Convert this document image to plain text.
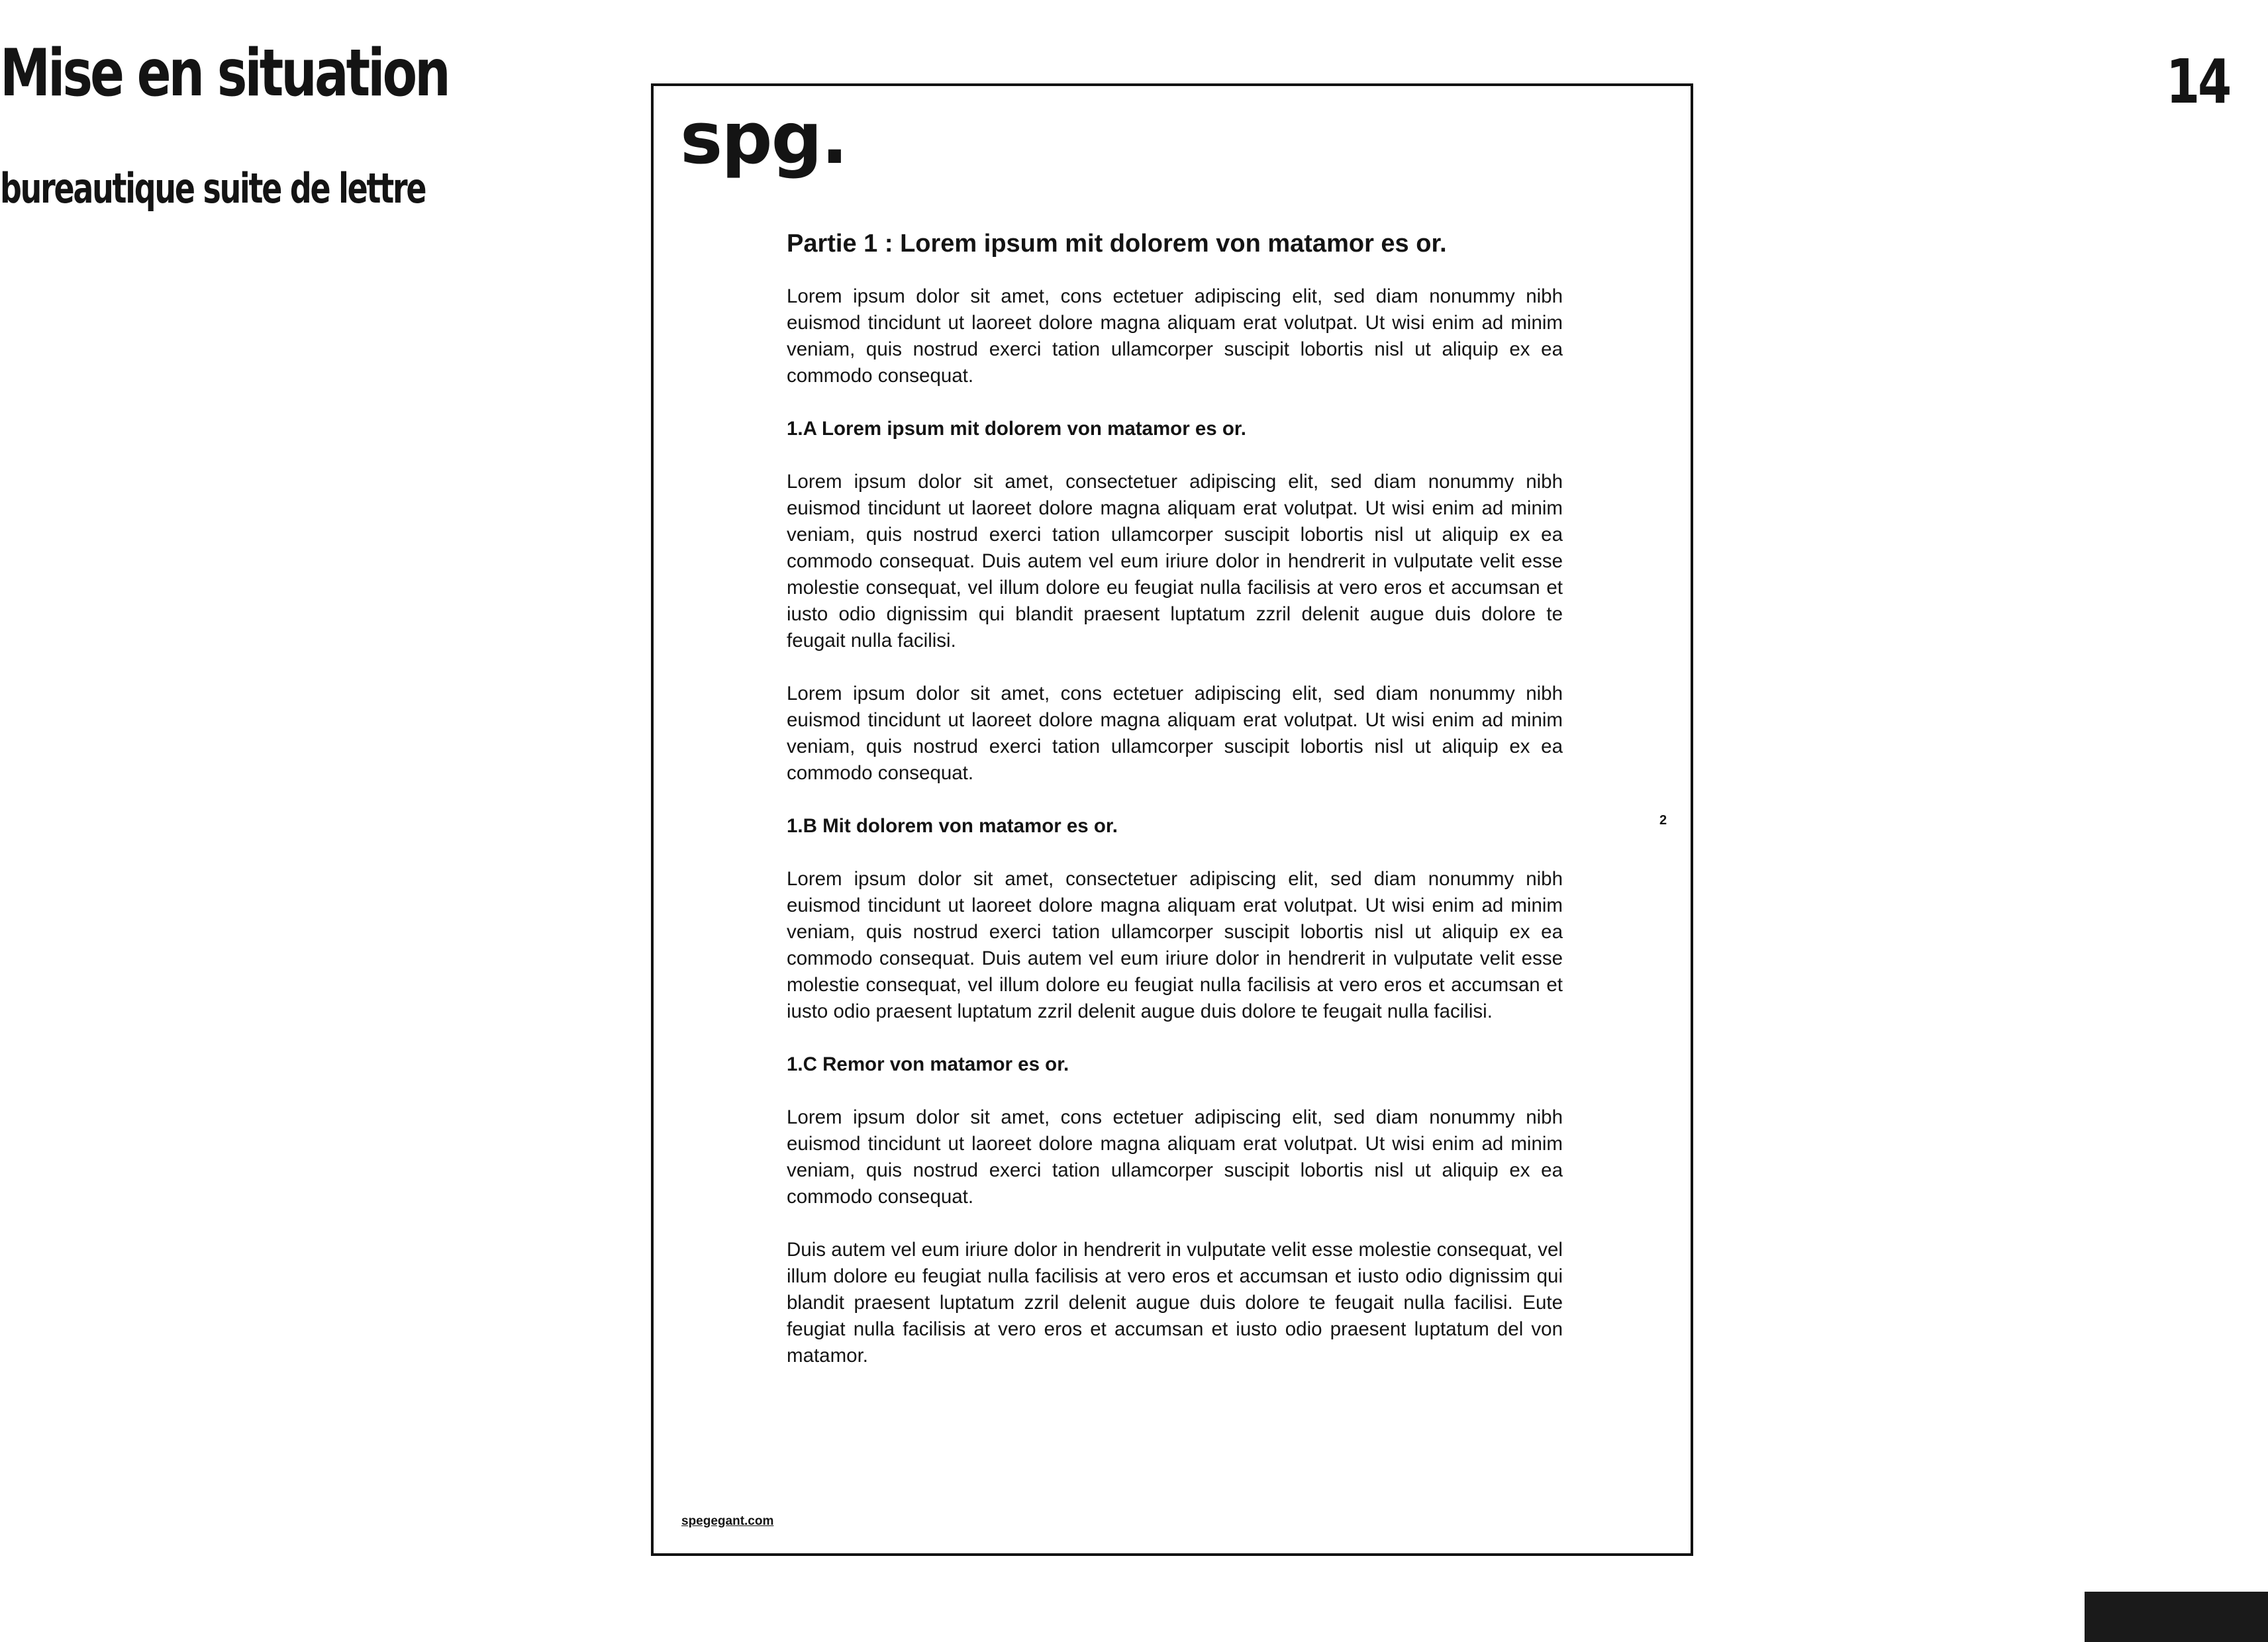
Mise en situation
bureautique suite de lettre
14
spg.
Partie 1 : Lorem ipsum mit dolorem von matamor es or.

Lorem ipsum dolor sit amet, cons ectetuer adipiscing elit, sed diam nonummy nibh euismod tincidunt ut laoreet dolore magna aliquam erat volutpat. Ut wisi enim ad minim veniam, quis nostrud exerci tation ullamcorper suscipit lobortis nisl ut aliquip ex ea commodo consequat.

1.A Lorem ipsum mit dolorem von matamor es or.

Lorem ipsum dolor sit amet, consectetuer adipiscing elit, sed diam nonummy nibh euismod tincidunt ut laoreet dolore magna aliquam erat volutpat. Ut wisi enim ad minim veniam, quis nostrud exerci tation ullamcorper suscipit lobortis nisl ut aliquip ex ea commodo consequat. Duis autem vel eum iriure dolor in hendrerit in vulputate velit esse molestie consequat, vel illum dolore eu feugiat nulla facilisis at vero eros et accumsan et iusto odio dignissim qui blandit praesent luptatum zzril delenit augue duis dolore te feugait nulla facilisi.

Lorem ipsum dolor sit amet, cons ectetuer adipiscing elit, sed diam nonummy nibh euismod tincidunt ut laoreet dolore magna aliquam erat volutpat. Ut wisi enim ad minim veniam, quis nostrud exerci tation ullamcorper suscipit lobortis nisl ut aliquip ex ea commodo consequat.

1.B Mit dolorem von matamor es or.

Lorem ipsum dolor sit amet, consectetuer adipiscing elit, sed diam nonummy nibh euismod tincidunt ut laoreet dolore magna aliquam erat volutpat. Ut wisi enim ad minim veniam, quis nostrud exerci tation ullamcorper suscipit lobortis nisl ut aliquip ex ea commodo consequat. Duis autem vel eum iriure dolor in hendrerit in vulputate velit esse molestie consequat, vel illum dolore eu feugiat nulla facilisis at vero eros et accumsan et iusto odio praesent luptatum zzril delenit augue duis dolore te feugait nulla facilisi.

1.C Remor von matamor es or.

Lorem ipsum dolor sit amet, cons ectetuer adipiscing elit, sed diam nonummy nibh euismod tincidunt ut laoreet dolore magna aliquam erat volutpat. Ut wisi enim ad minim veniam, quis nostrud exerci tation ullamcorper suscipit lobortis nisl ut aliquip ex ea commodo consequat.

Duis autem vel eum iriure dolor in hendrerit in vulputate velit esse molestie consequat, vel illum dolore eu feugiat nulla facilisis at vero eros et accumsan et iusto odio dignissim qui blandit praesent luptatum zzril delenit augue duis dolore te feugait nulla facilisi. Eute feugiat nulla facilisis at vero eros et accumsan et iusto odio praesent luptatum del von matamor.

2
spegegant.com
